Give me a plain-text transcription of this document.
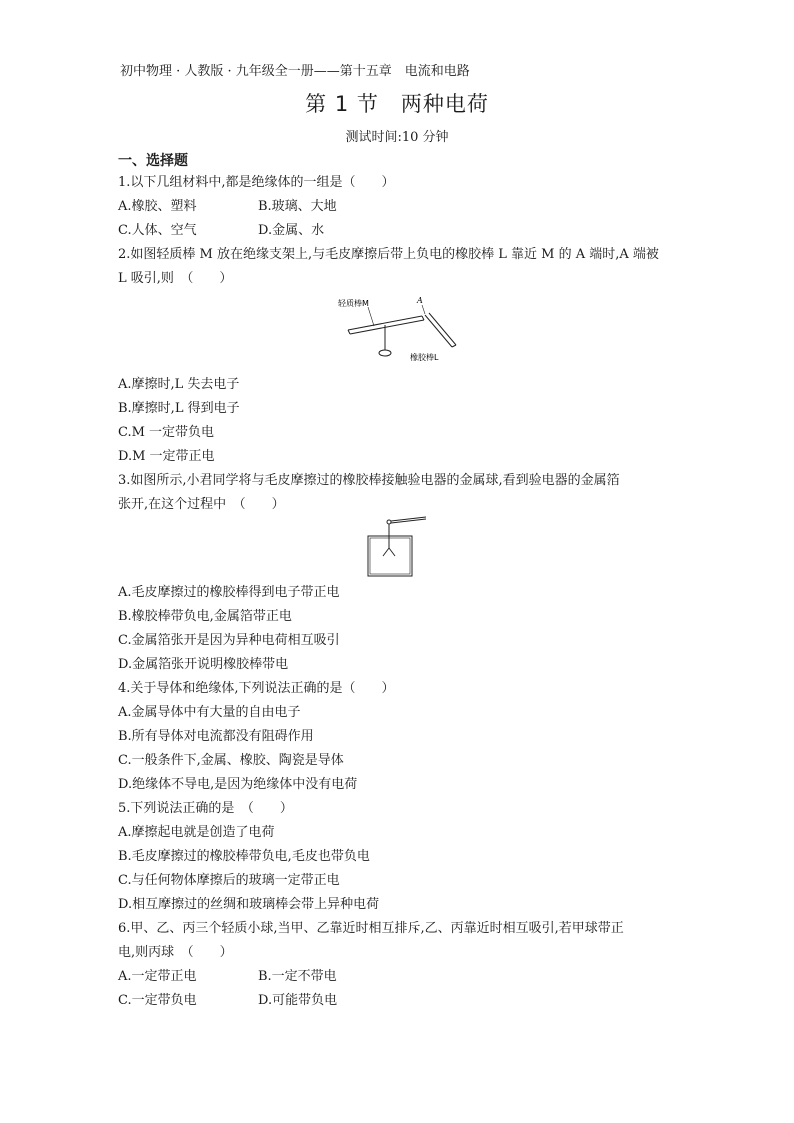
初中物理 · 人教版 · 九年级全一册——第十五章　电流和电路
第 1 节　两种电荷
测试时间:10 分钟
一、选择题
1.以下几组材料中,都是绝缘体的一组是（　　）
A.橡胶、塑料	B.玻璃、大地
C.人体、空气	D.金属、水
2.如图轻质棒 M 放在绝缘支架上,与毛皮摩擦后带上负电的橡胶棒 L 靠近 M 的 A 端时,A 端被
L 吸引,则　（　　）
轻质棒M	A
橡胶棒L
A.摩擦时,L 失去电子
B.摩擦时,L 得到电子
C.M 一定带负电
D.M 一定带正电
3.如图所示,小君同学将与毛皮摩擦过的橡胶棒接触验电器的金属球,看到验电器的金属箔
张开,在这个过程中　（　　）
A.毛皮摩擦过的橡胶棒得到电子带正电
B.橡胶棒带负电,金属箔带正电
C.金属箔张开是因为异种电荷相互吸引
D.金属箔张开说明橡胶棒带电
4.关于导体和绝缘体,下列说法正确的是（　　）
A.金属导体中有大量的自由电子
B.所有导体对电流都没有阻碍作用
C.一般条件下,金属、橡胶、陶瓷是导体
D.绝缘体不导电,是因为绝缘体中没有电荷
5.下列说法正确的是　（　　）
A.摩擦起电就是创造了电荷
B.毛皮摩擦过的橡胶棒带负电,毛皮也带负电
C.与任何物体摩擦后的玻璃一定带正电
D.相互摩擦过的丝绸和玻璃棒会带上异种电荷
6.甲、乙、丙三个轻质小球,当甲、乙靠近时相互排斥,乙、丙靠近时相互吸引,若甲球带正
电,则丙球　（　　）
A.一定带正电	B.一定不带电
C.一定带负电	D.可能带负电
